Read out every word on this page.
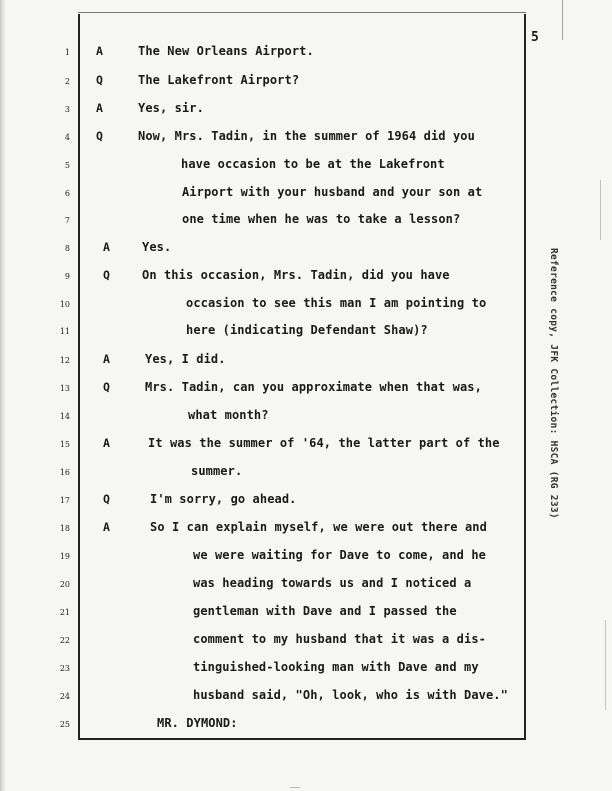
5
Reference copy, JFK Collection: HSCA (RG 233)
1 A	The New Orleans Airport.
2 Q	The Lakefront Airport?
3 A	Yes, sir.
4 Q	Now, Mrs. Tadin, in the summer of 1964 did you
5	have occasion to be at the Lakefront
6	Airport with your husband and your son at
7	one time when he was to take a lesson?
8	A	Yes.
9	Q	On this occasion, Mrs. Tadin, did you have
10	occasion to see this man I am pointing to
11	here (indicating Defendant Shaw)?
12	A	Yes, I did.
13	Q	Mrs. Tadin, can you approximate when that was,
14	what month?
15	A	It was the summer of '64, the latter part of the
16	summer.
17	Q	I'm sorry, go ahead.
18	A	So I can explain myself, we were out there and
19	we were waiting for Dave to come, and he
20	was heading towards us and I noticed a
21	gentleman with Dave and I passed the
22	comment to my husband that it was a dis-
23	tinguished-looking man with Dave and my
24	husband said, "Oh, look, who is with Dave."
25	MR. DYMOND:
